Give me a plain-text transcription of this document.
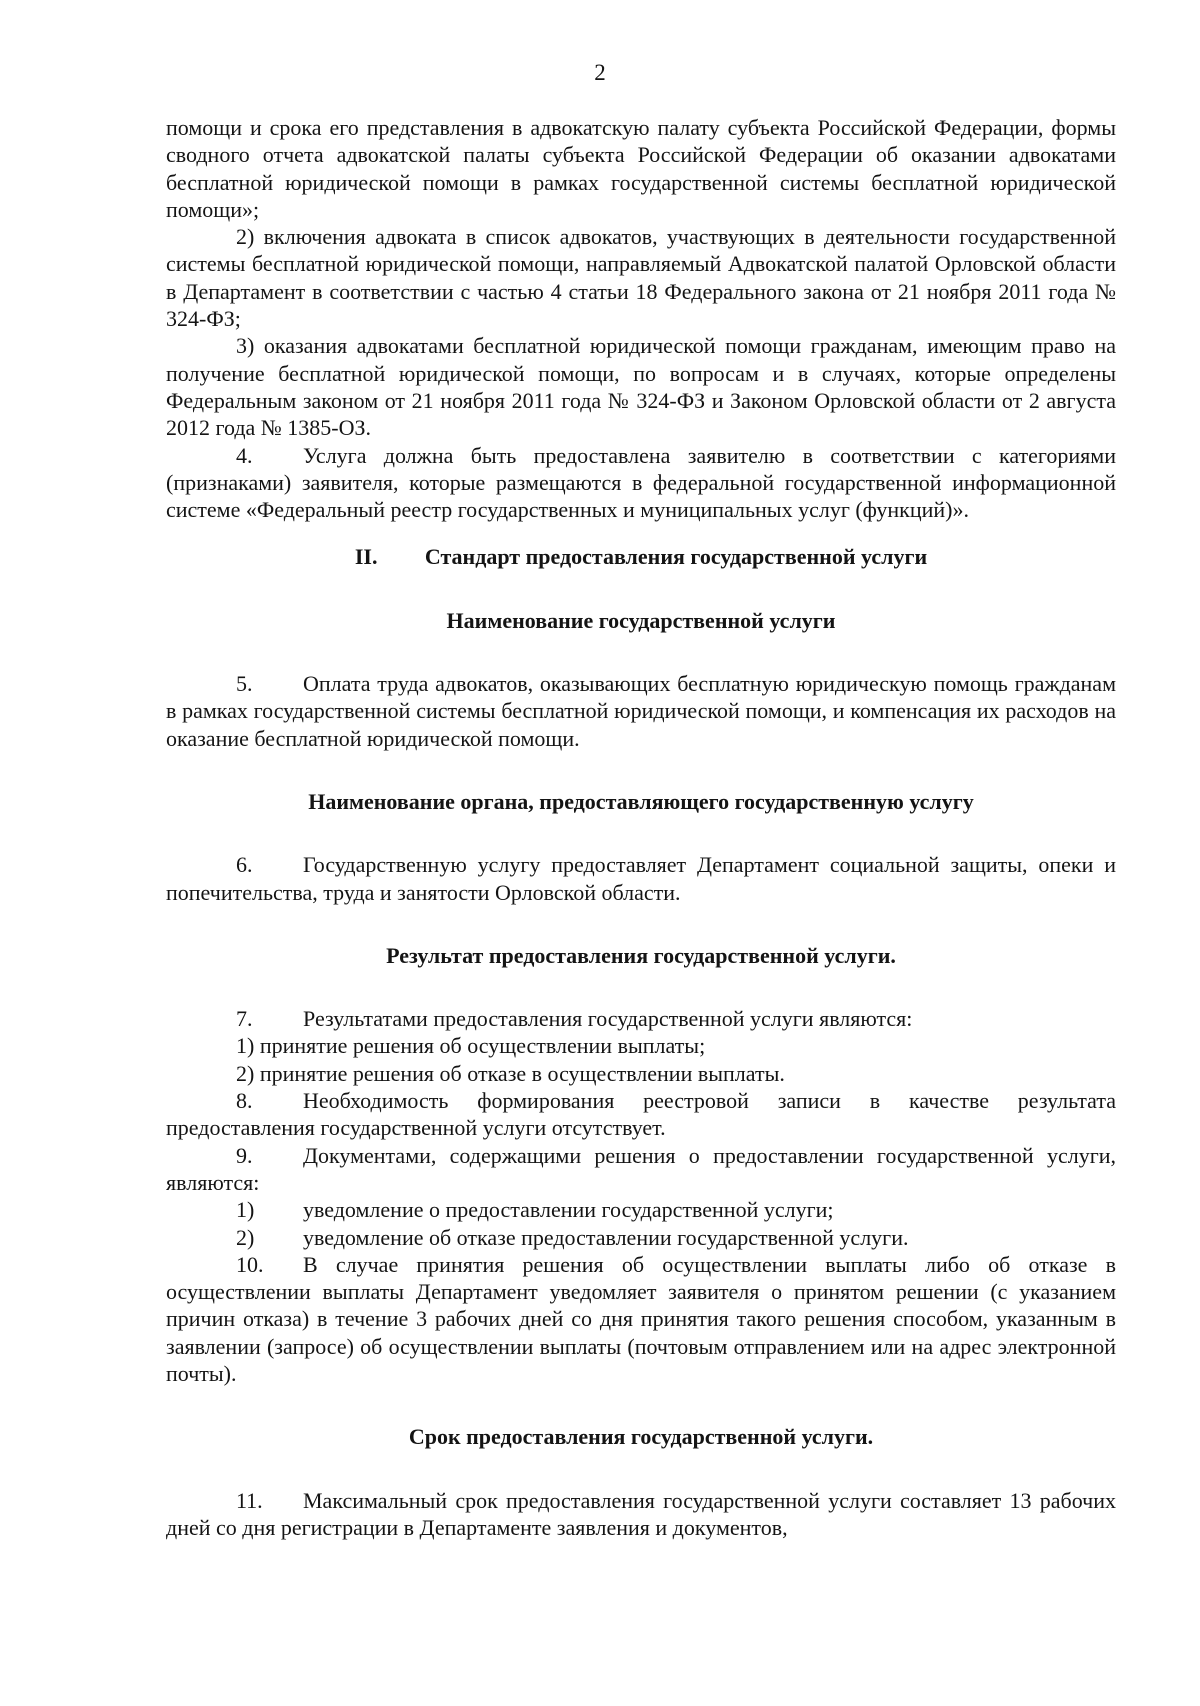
2

помощи и срока его представления в адвокатскую палату субъекта Российской Федерации, формы сводного отчета адвокатской палаты субъекта Российской Федерации об оказании адвокатами бесплатной юридической помощи в рамках государственной системы бесплатной юридической помощи»;

2) включения адвоката в список адвокатов, участвующих в деятельности государственной системы бесплатной юридической помощи, направляемый Адвокатской палатой Орловской области в Департамент в соответствии с частью 4 статьи 18 Федерального закона от 21 ноября 2011 года № 324-ФЗ;

3) оказания адвокатами бесплатной юридической помощи гражданам, имеющим право на получение бесплатной юридической помощи, по вопросам и в случаях, которые определены Федеральным законом от 21 ноября 2011 года № 324-ФЗ и Законом Орловской области от 2 августа 2012 года № 1385-ОЗ.

4. Услуга должна быть предоставлена заявителю в соответствии с категориями (признаками) заявителя, которые размещаются в федеральной государственной информационной системе «Федеральный реестр государственных и муниципальных услуг (функций)».

II. Стандарт предоставления государственной услуги

Наименование государственной услуги

5. Оплата труда адвокатов, оказывающих бесплатную юридическую помощь гражданам в рамках государственной системы бесплатной юридической помощи, и компенсация их расходов на оказание бесплатной юридической помощи.

Наименование органа, предоставляющего государственную услугу

6. Государственную услугу предоставляет Департамент социальной защиты, опеки и попечительства, труда и занятости Орловской области.

Результат предоставления государственной услуги.

7. Результатами предоставления государственной услуги являются:

1) принятие решения об осуществлении выплаты;

2) принятие решения об отказе в осуществлении выплаты.

8. Необходимость формирования реестровой записи в качестве результата предоставления государственной услуги отсутствует.

9. Документами, содержащими решения о предоставлении государственной услуги, являются:

1) уведомление о предоставлении государственной услуги;

2) уведомление об отказе предоставлении государственной услуги.

10. В случае принятия решения об осуществлении выплаты либо об отказе в осуществлении выплаты Департамент уведомляет заявителя о принятом решении (с указанием причин отказа) в течение 3 рабочих дней со дня принятия такого решения способом, указанным в заявлении (запросе) об осуществлении выплаты (почтовым отправлением или на адрес электронной почты).

Срок предоставления государственной услуги.

11. Максимальный срок предоставления государственной услуги составляет 13 рабочих дней со дня регистрации в Департаменте заявления и документов,
